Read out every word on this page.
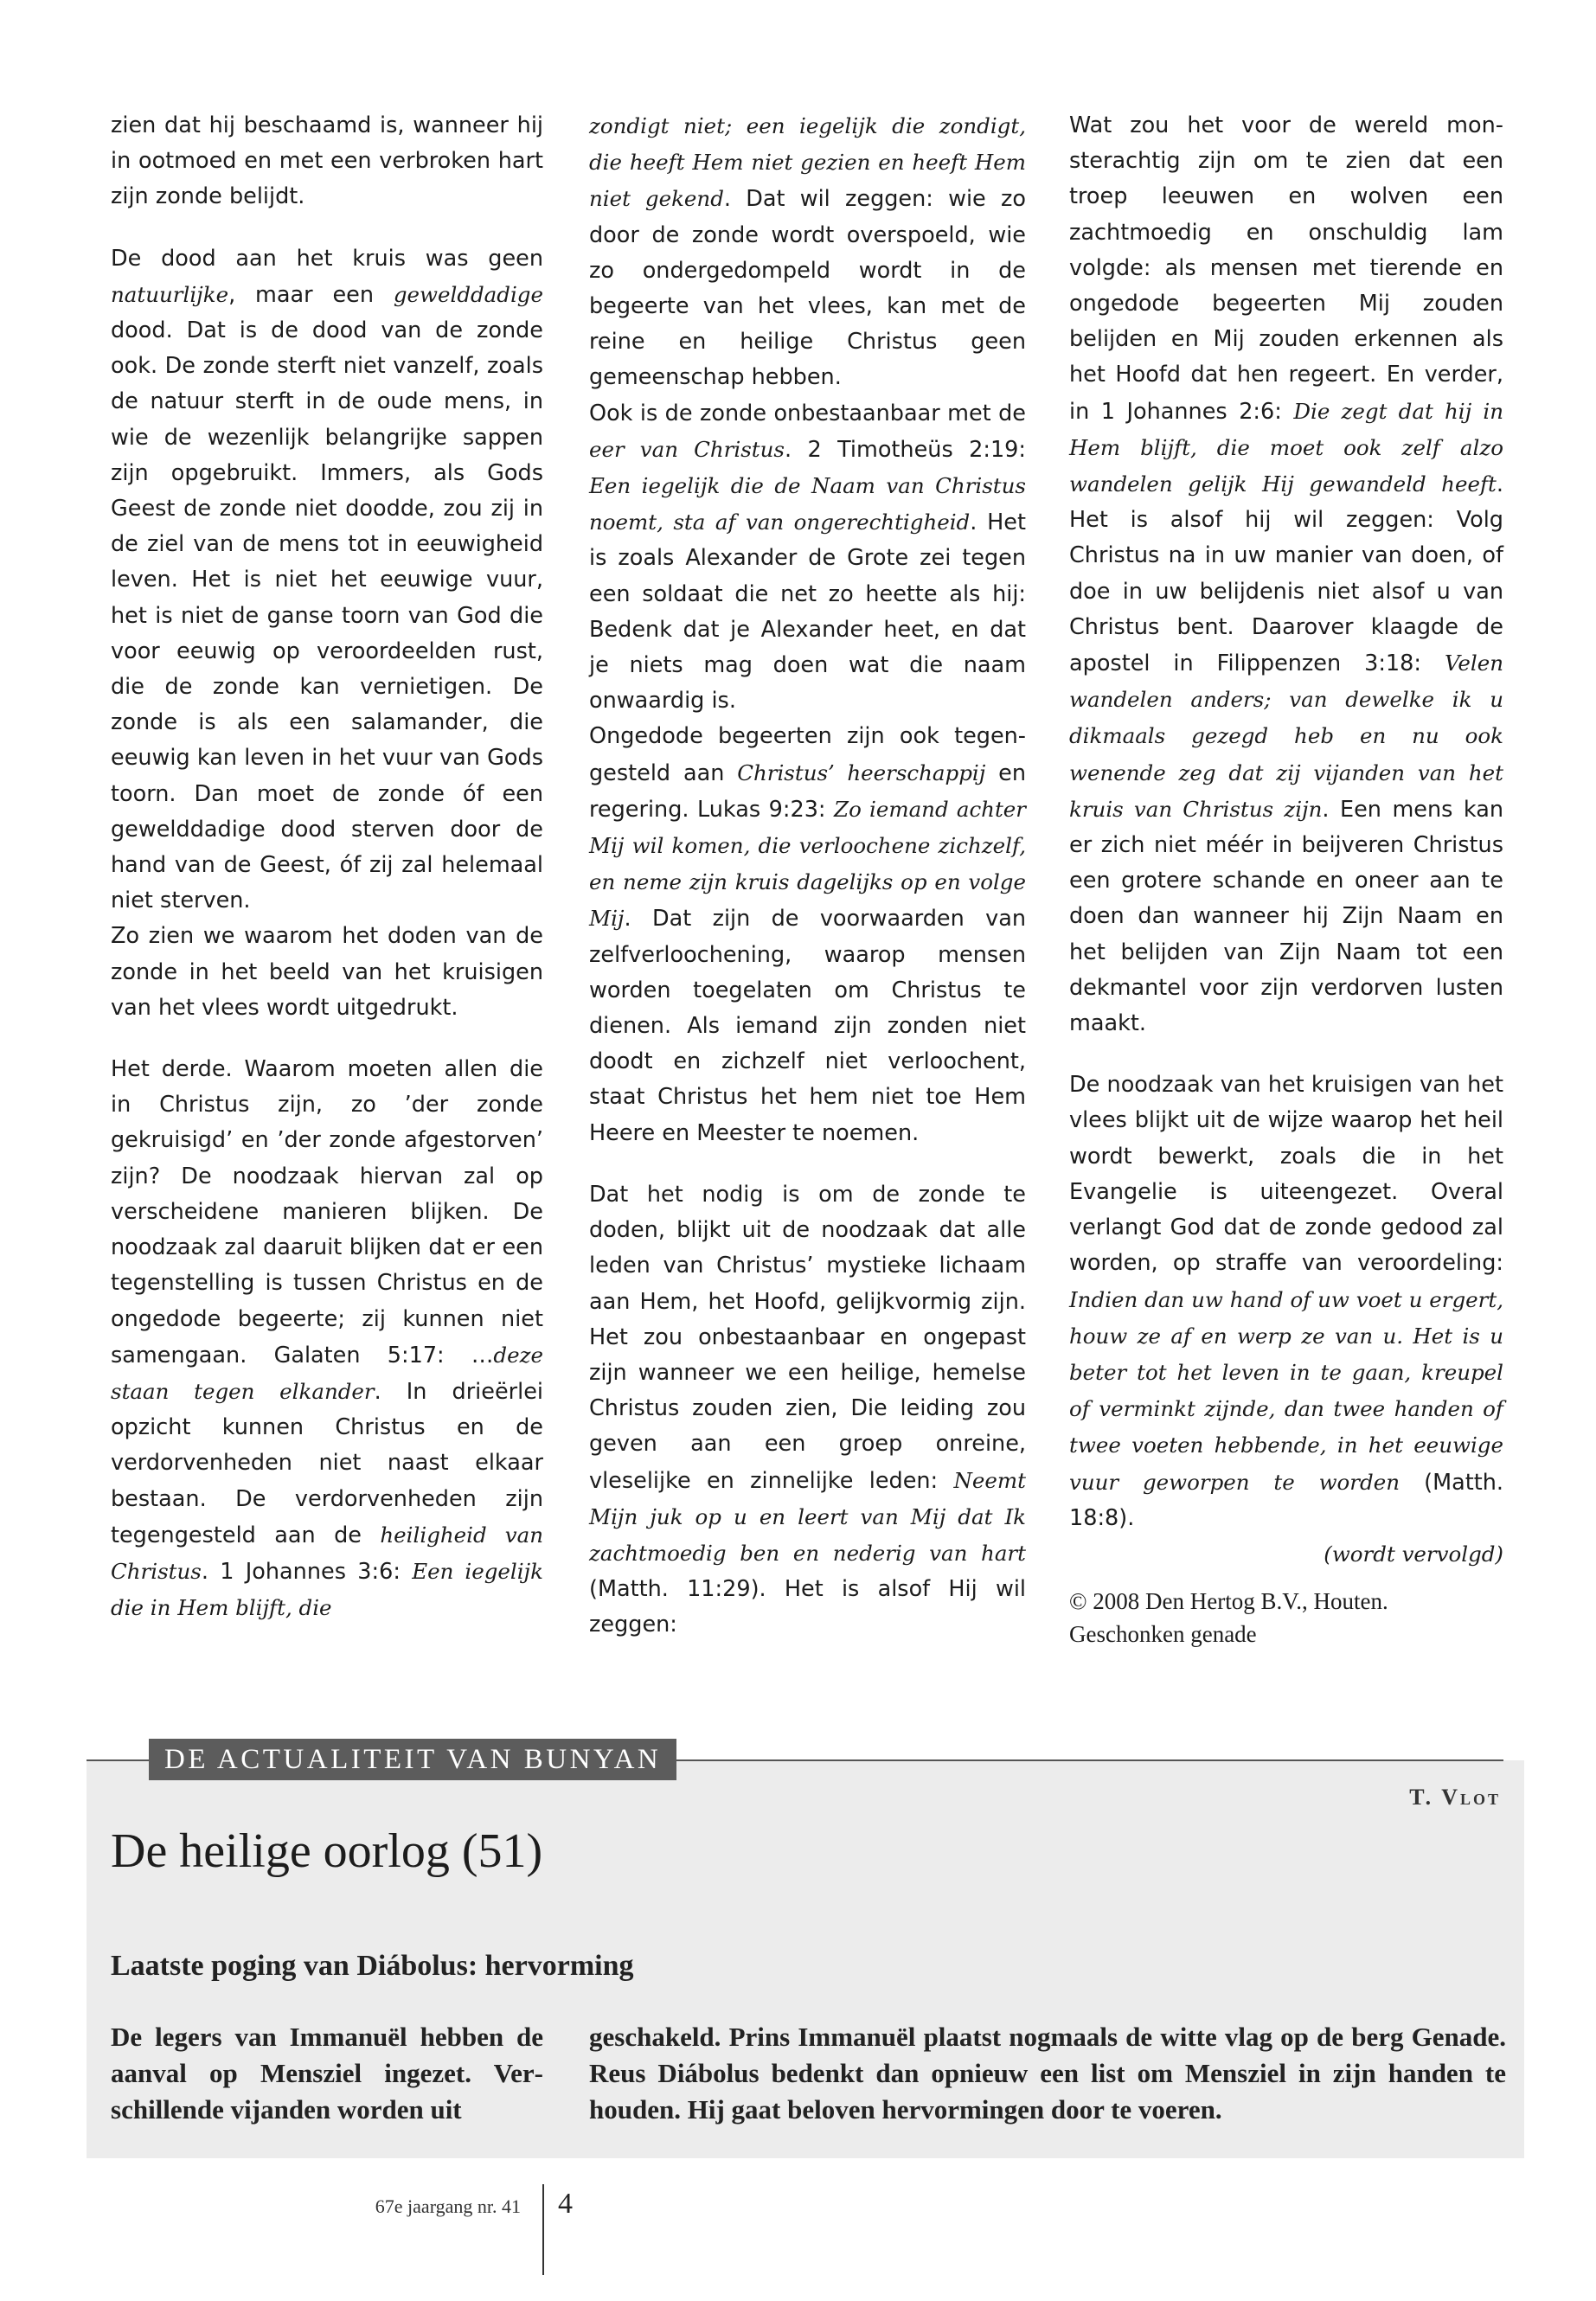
zien dat hij beschaamd is, wanneer hij in ootmoed en met een verbroken hart zijn zonde belijdt.

De dood aan het kruis was geen natuurlijke, maar een gewelddadige dood. Dat is de dood van de zonde ook. De zonde sterft niet vanzelf, zoals de natuur sterft in de oude mens, in wie de wezenlijk belangrijke sappen zijn opgebruikt. Immers, als Gods Geest de zonde niet doodde, zou zij in de ziel van de mens tot in eeuwigheid leven. Het is niet het eeuwige vuur, het is niet de ganse toorn van God die voor eeuwig op veroordeelden rust, die de zonde kan vernietigen. De zonde is als een salamander, die eeuwig kan leven in het vuur van Gods toorn. Dan moet de zonde óf een gewelddadige dood sterven door de hand van de Geest, óf zij zal helemaal niet sterven.

Zo zien we waarom het doden van de zonde in het beeld van het kruisigen van het vlees wordt uitgedrukt.

Het derde. Waarom moeten allen die in Christus zijn, zo ’der zonde gekruisigd’ en ’der zonde afgestorven’ zijn? De noodzaak hiervan zal op verscheidene manieren blijken. De noodzaak zal daaruit blijken dat er een tegenstelling is tussen Christus en de ongedode begeerte; zij kunnen niet samengaan. Galaten 5:17: …deze staan tegen elkander. In drieërlei opzicht kunnen Christus en de verdorvenheden niet naast elkaar bestaan. De verdorvenheden zijn tegengesteld aan de heiligheid van Christus. 1 Johannes 3:6: Een iegelijk die in Hem blijft, die

zondigt niet; een iegelijk die zondigt, die heeft Hem niet gezien en heeft Hem niet gekend. Dat wil zeggen: wie zo door de zonde wordt overspoeld, wie zo ondergedompeld wordt in de begeerte van het vlees, kan met de reine en heilige Christus geen gemeenschap hebben.

Ook is de zonde onbestaanbaar met de eer van Christus. 2 Timotheüs 2:19: Een iegelijk die de Naam van Christus noemt, sta af van ongerechtigheid. Het is zoals Alexander de Grote zei tegen een soldaat die net zo heette als hij: Bedenk dat je Alexander heet, en dat je niets mag doen wat die naam onwaardig is.

Ongedode begeerten zijn ook tegengesteld aan Christus’ heerschappij en regering. Lukas 9:23: Zo iemand achter Mij wil komen, die verloochene zichzelf, en neme zijn kruis dagelijks op en volge Mij. Dat zijn de voorwaarden van zelfverloochening, waarop mensen worden toegelaten om Christus te dienen. Als iemand zijn zonden niet doodt en zichzelf niet verloochent, staat Christus het hem niet toe Hem Heere en Meester te noemen.

Dat het nodig is om de zonde te doden, blijkt uit de noodzaak dat alle leden van Christus’ mystieke lichaam aan Hem, het Hoofd, gelijkvormig zijn. Het zou onbestaanbaar en ongepast zijn wanneer we een heilige, hemelse Christus zouden zien, Die leiding zou geven aan een groep onreine, vleselijke en zinnelijke leden: Neemt Mijn juk op u en leert van Mij dat Ik zachtmoedig ben en nederig van hart (Matth. 11:29). Het is alsof Hij wil zeggen:

Wat zou het voor de wereld monsterachtig zijn om te zien dat een troep leeuwen en wolven een zachtmoedig en onschuldig lam volgde: als mensen met tierende en ongedode begeerten Mij zouden belijden en Mij zouden erkennen als het Hoofd dat hen regeert. En verder, in 1 Johannes 2:6: Die zegt dat hij in Hem blijft, die moet ook zelf alzo wandelen gelijk Hij gewandeld heeft. Het is alsof hij wil zeggen: Volg Christus na in uw manier van doen, of doe in uw belijdenis niet alsof u van Christus bent. Daarover klaagde de apostel in Filippenzen 3:18: Velen wandelen anders; van dewelke ik u dikmaals gezegd heb en nu ook wenende zeg dat zij vijanden van het kruis van Christus zijn. Een mens kan er zich niet méér in beijveren Christus een grotere schande en oneer aan te doen dan wanneer hij Zijn Naam en het belijden van Zijn Naam tot een dekmantel voor zijn verdorven lusten maakt.

De noodzaak van het kruisigen van het vlees blijkt uit de wijze waarop het heil wordt bewerkt, zoals die in het Evangelie is uiteengezet. Overal verlangt God dat de zonde gedood zal worden, op straffe van veroordeling: Indien dan uw hand of uw voet u ergert, houw ze af en werp ze van u. Het is u beter tot het leven in te gaan, kreupel of verminkt zijnde, dan twee handen of twee voeten hebbende, in het eeuwige vuur geworpen te worden (Matth. 18:8).

(wordt vervolgd)

© 2008 Den Hertog B.V., Houten.
Geschonken genade

DE ACTUALITEIT VAN BUNYAN
T. Vlot
De heilige oorlog (51)
Laatste poging van Diábolus: hervorming

De legers van Immanuël hebben de aanval op Mensziel ingezet. Verschillende vijanden worden uit

geschakeld. Prins Immanuël plaatst nogmaals de witte vlag op de berg Genade. Reus Diábolus bedenkt dan opnieuw een list om Mensziel in zijn handen te houden. Hij gaat beloven hervormingen door te voeren.

67e jaargang nr. 41 4
